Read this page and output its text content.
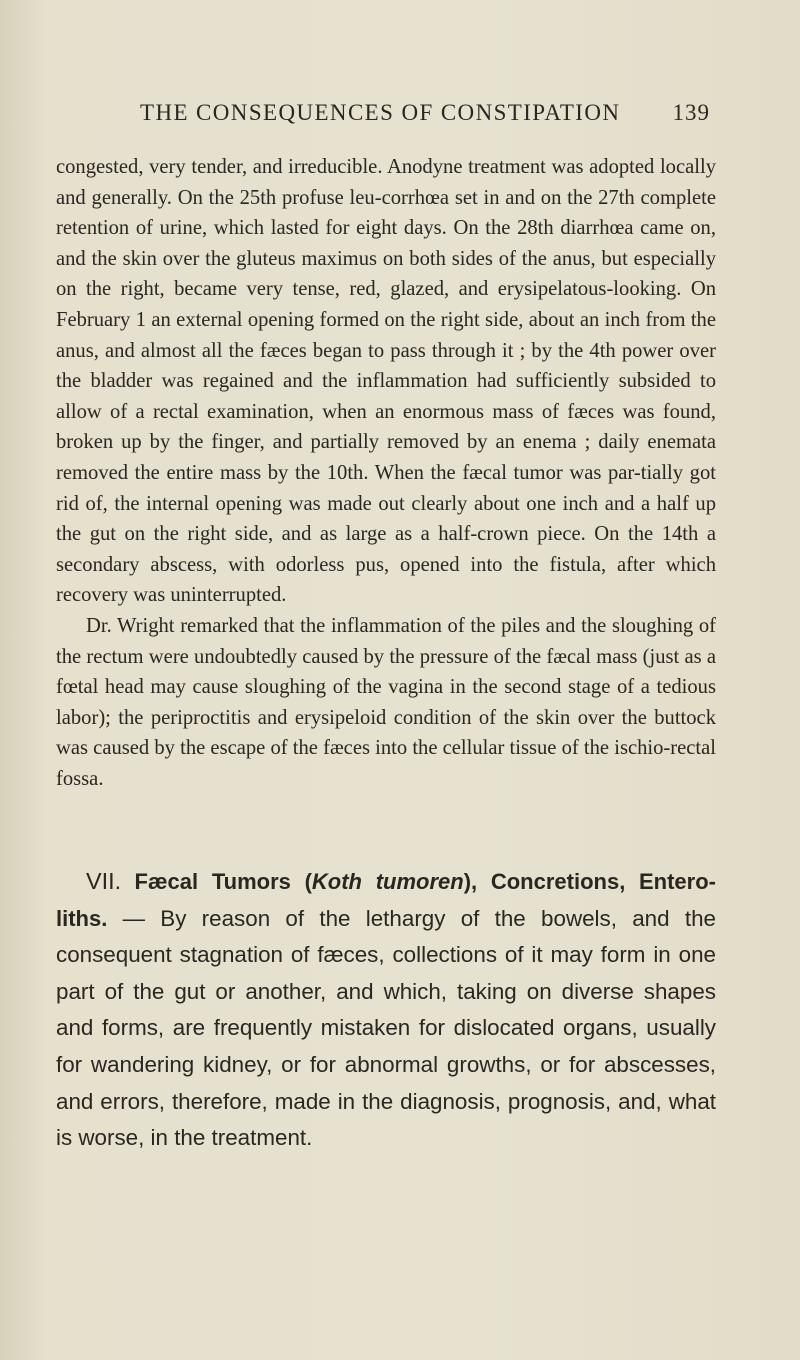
THE CONSEQUENCES OF CONSTIPATION 139

congested, very tender, and irreducible. Anodyne treatment was adopted locally and generally. On the 25th profuse leu-corrhœa set in and on the 27th complete retention of urine, which lasted for eight days. On the 28th diarrhœa came on, and the skin over the gluteus maximus on both sides of the anus, but especially on the right, became very tense, red, glazed, and erysipelatous-looking. On February 1 an external opening formed on the right side, about an inch from the anus, and almost all the fæces began to pass through it ; by the 4th power over the bladder was regained and the inflammation had sufficiently subsided to allow of a rectal examination, when an enormous mass of fæces was found, broken up by the finger, and partially removed by an enema ; daily enemata removed the entire mass by the 10th. When the fæcal tumor was par-tially got rid of, the internal opening was made out clearly about one inch and a half up the gut on the right side, and as large as a half-crown piece. On the 14th a secondary abscess, with odorless pus, opened into the fistula, after which recovery was uninterrupted.

Dr. Wright remarked that the inflammation of the piles and the sloughing of the rectum were undoubtedly caused by the pressure of the fæcal mass (just as a fœtal head may cause sloughing of the vagina in the second stage of a tedious labor); the periproctitis and erysipeloid condition of the skin over the buttock was caused by the escape of the fæces into the cellular tissue of the ischio-rectal fossa.

VII. Fæcal Tumors (Koth tumoren), Concretions, Entero-liths. — By reason of the lethargy of the bowels, and the consequent stagnation of fæces, collections of it may form in one part of the gut or another, and which, taking on diverse shapes and forms, are frequently mistaken for dislocated organs, usually for wandering kidney, or for abnormal growths, or for abscesses, and errors, therefore, made in the diagnosis, prognosis, and, what is worse, in the treatment.
